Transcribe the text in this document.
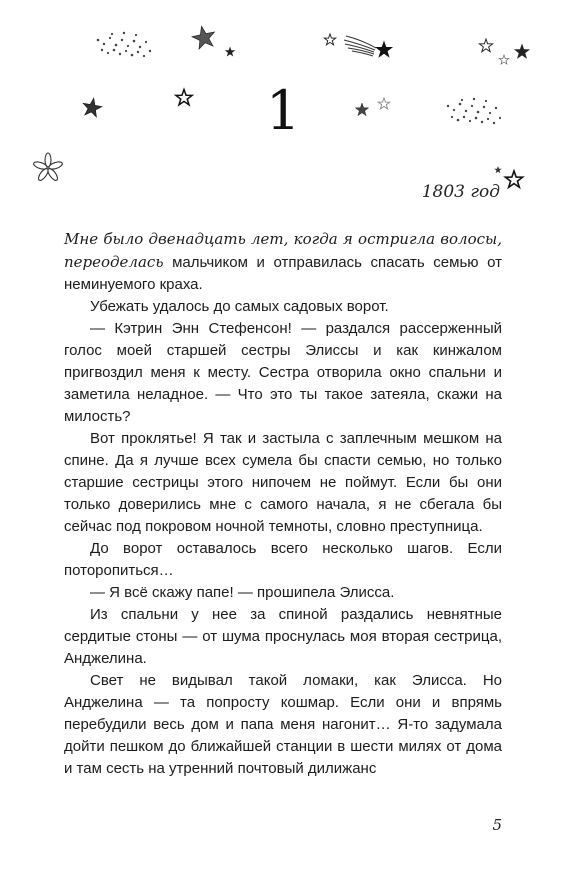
1
1803 год

Мне было двенадцать лет, когда я остригла волосы, переоделась мальчиком и отправилась спасать семью от неминуемого краха.

Убежать удалось до самых садовых ворот.

— Кэтрин Энн Стефенсон! — раздался рассерженный голос моей старшей сестры Элиссы и как кинжалом пригвоздил меня к месту. Сестра отворила окно спальни и заметила неладное. — Что это ты такое затеяла, скажи на милость?

Вот проклятье! Я так и застыла с заплечным мешком на спине. Да я лучше всех сумела бы спасти семью, но только старшие сестрицы этого нипочем не поймут. Если бы они только доверились мне с самого начала, я не сбегала бы сейчас под покровом ночной темноты, словно преступница.

До ворот оставалось всего несколько шагов. Если поторопиться…

— Я всё скажу папе! — прошипела Элисса.

Из спальни у нее за спиной раздались невнятные сердитые стоны — от шума проснулась моя вторая сестрица, Анджелина.

Свет не видывал такой ломаки, как Элисса. Но Анджелина — та попросту кошмар. Если они и впрямь перебудили весь дом и папа меня нагонит… Я-то задумала дойти пешком до ближайшей станции в шести милях от дома и там сесть на утренний почтовый дилижанс

5
